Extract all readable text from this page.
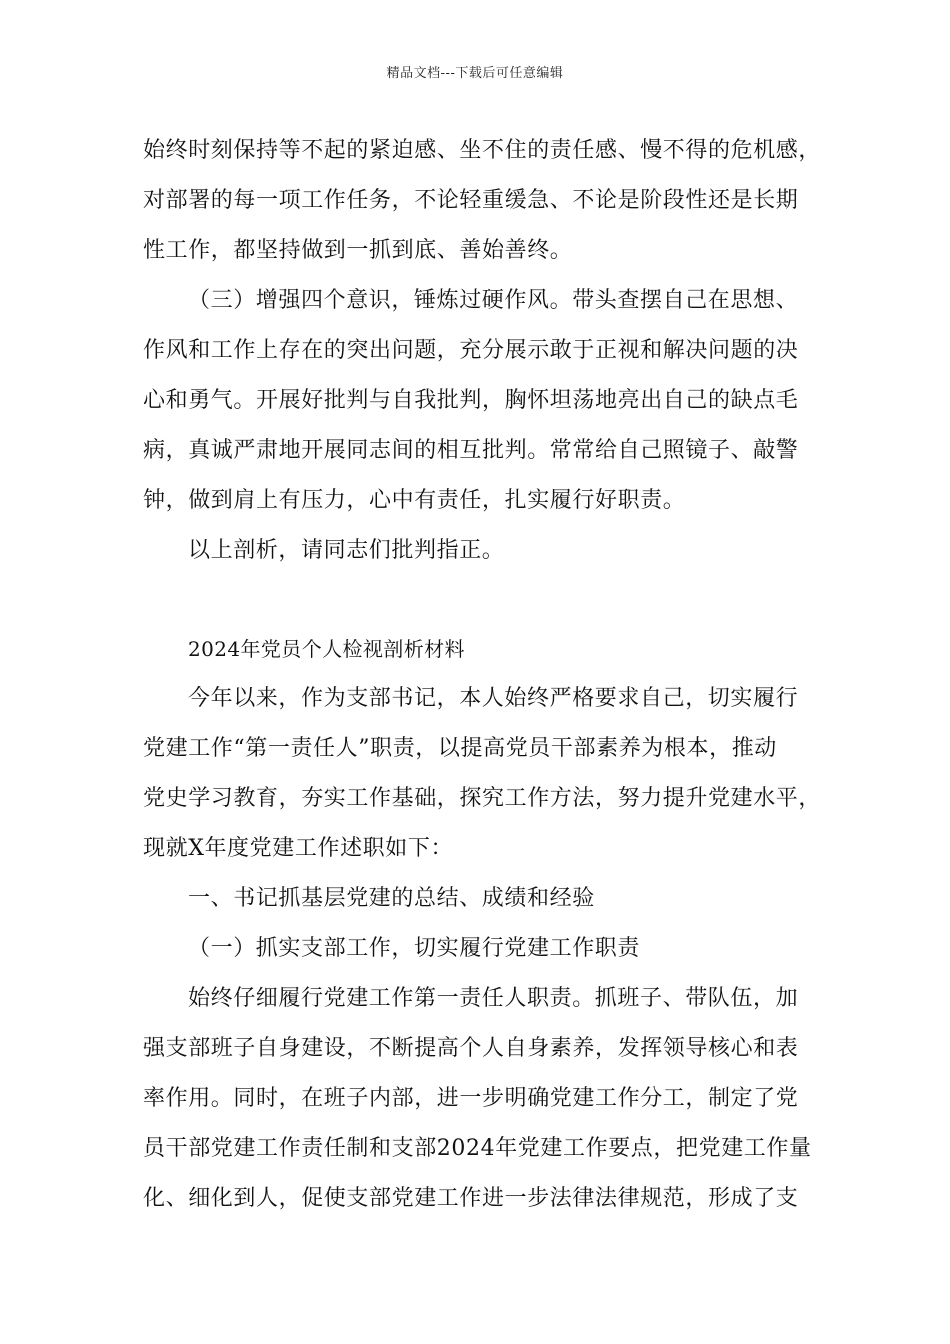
精品文档---下载后可任意编辑
始终时刻保持等不起的紧迫感、坐不住的责任感、慢不得的危机感，
对部署的每一项工作任务，不论轻重缓急、不论是阶段性还是长期
性工作，都坚持做到一抓到底、善始善终。
（三）增强四个意识，锤炼过硬作风。带头查摆自己在思想、
作风和工作上存在的突出问题，充分展示敢于正视和解决问题的决
心和勇气。开展好批判与自我批判，胸怀坦荡地亮出自己的缺点毛
病，真诚严肃地开展同志间的相互批判。常常给自己照镜子、敲警
钟，做到肩上有压力，心中有责任，扎实履行好职责。
以上剖析，请同志们批判指正。
2024年党员个人检视剖析材料
今年以来，作为支部书记，本人始终严格要求自己，切实履行
党建工作“第一责任人”职责，以提高党员干部素养为根本，推动
党史学习教育，夯实工作基础，探究工作方法，努力提升党建水平，
现就X年度党建工作述职如下：
一、书记抓基层党建的总结、成绩和经验
（一）抓实支部工作，切实履行党建工作职责
始终仔细履行党建工作第一责任人职责。抓班子、带队伍，加
强支部班子自身建设，不断提高个人自身素养，发挥领导核心和表
率作用。同时，在班子内部，进一步明确党建工作分工，制定了党
员干部党建工作责任制和支部2024年党建工作要点，把党建工作量
化、细化到人，促使支部党建工作进一步法律法律规范，形成了支
